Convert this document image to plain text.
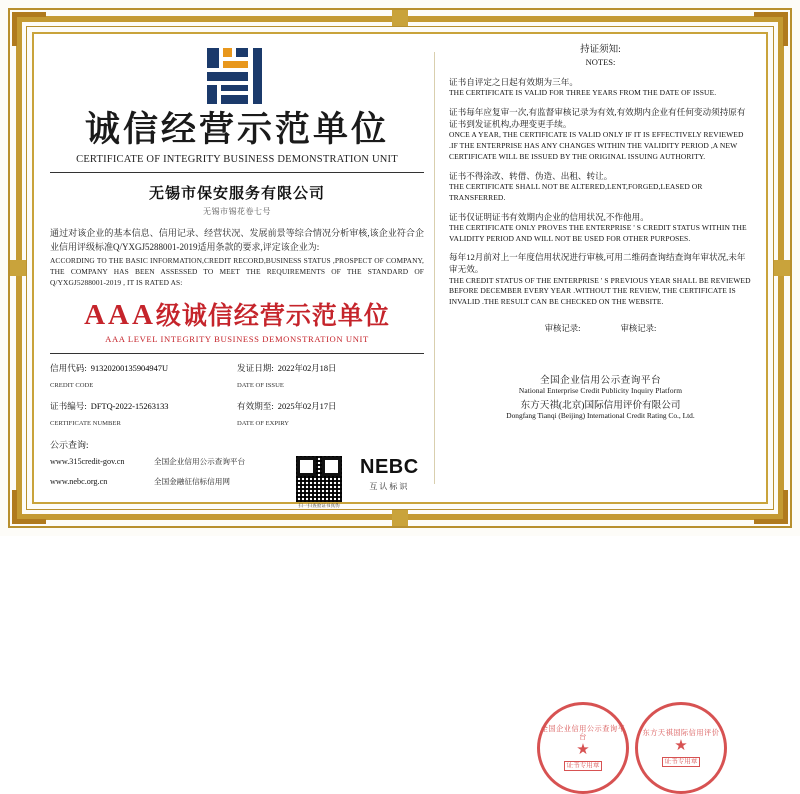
诚信经营示范单位
CERTIFICATE OF INTEGRITY BUSINESS DEMONSTRATION UNIT
无锡市保安服务有限公司
无锡市锡花卷七号
通过对该企业的基本信息、信用记录、经营状况、发展前景等综合情况分析审核,该企业符合企业信用评级标准Q/YXGJ5288001-2019适用条款的要求,评定该企业为:
ACCORDING TO THE BASIC INFORMATION,CREDIT RECORD,BUSINESS STATUS ,PROSPECT OF COMPANY, THE COMPANY HAS BEEN ASSESSED TO MEET THE REQUIREMENTS OF THE STANDARD OF Q/YXGJ5288001-2019 , IT IS RATED AS:
AAA级诚信经营示范单位
AAA LEVEL INTEGRITY BUSINESS DEMONSTRATION UNIT
信用代码: 91320200135904947U
CREDIT CODE
发证日期: 2022年02月18日
DATE OF ISSUE
证书编号: DFTQ-2022-15263133
CERTIFICATE NUMBER
有效期至: 2025年02月17日
DATE OF EXPIRY
公示查询:
www.315credit-gov.cn	全国企业信用公示查询平台
www.nebc.org.cn	全国金融征信标信用网
扫一扫查验证书真伪
NEBC
互认标识
持证须知:
NOTES:
证书自评定之日起有效期为三年。
THE CERTIFICATE IS VALID FOR THREE YEARS FROM THE DATE OF ISSUE.
证书每年应复审一次,有监督审核记录为有效,有效期内企业有任何变动须持原有证书到发证机构,办理变更手续。
ONCE A YEAR, THE CERTIFICATE IS VALID ONLY IF IT IS EFFECTIVELY REVIEWED .IF THE ENTERPRISE HAS ANY CHANGES WITHIN THE VALIDITY PERIOD ,A NEW CERTIFICATE WILL BE ISSUED BY THE ORIGINAL ISSUING AUTHORITY.
证书不得涂改、转借、伪造、出租、转让。
THE CERTIFICATE SHALL NOT BE ALTERED,LENT,FORGED,LEASED OR TRANSFERRED.
证书仅证明证书有效期内企业的信用状况,不作他用。
THE CERTIFICATE ONLY PROVES THE ENTERPRISE ' S CREDIT STATUS WITHIN THE VALIDITY PERIOD AND WILL NOT BE USED FOR OTHER PURPOSES.
每年12月前对上一年度信用状况进行审核,可用二维码查询结查询年审状况,未年审无效。
THE CREDIT STATUS OF THE ENTERPRISE ' S PREVIOUS YEAR SHALL BE REVIEWED BEFORE DECEMBER EVERY YEAR .WITHOUT THE REVIEW, THE CERTIFICATE IS INVALID .THE RESULT CAN BE CHECKED ON THE WEBSITE.
审核记录:	审核记录:
全国企业信用公示查询平台
National Enterprise Credit Publicity Inquiry Platform
东方天祺(北京)国际信用评价有限公司
Dongfang Tianqi (Beijing) International Credit Rating Co., Ltd.
全国企业信用公示查询平台
★
证书专用章
东方天祺国际信用评价
★
证书专用章
